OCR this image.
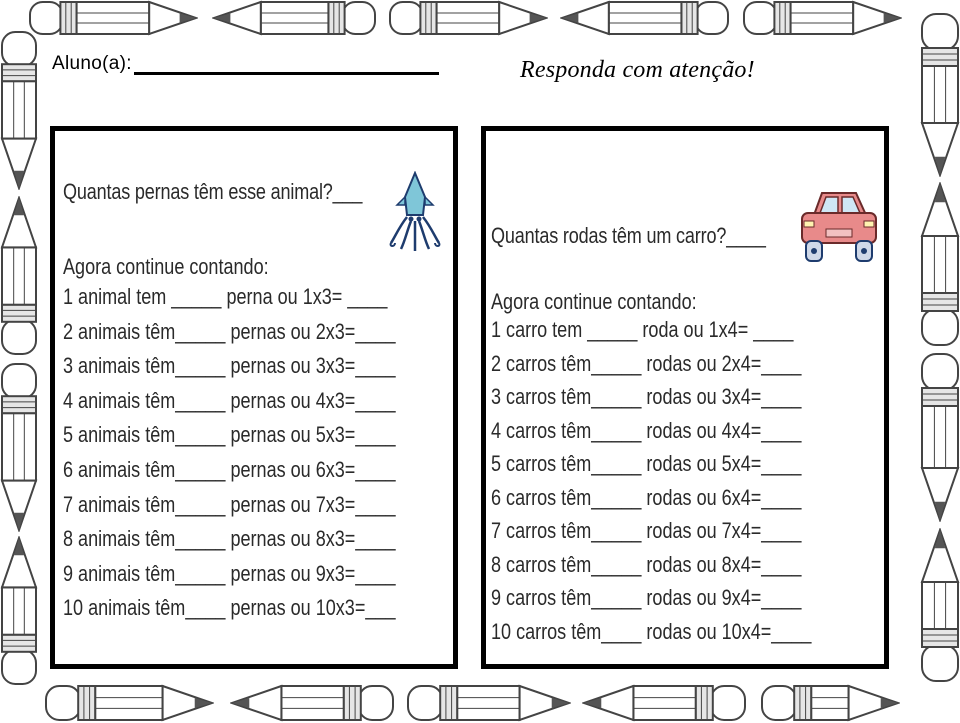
Aluno(a):	Responda com atenção!
Quantas pernas têm esse animal?___
Agora continue contando:
1 animal tem _____ perna ou 1x3= ____
2 animais têm_____ pernas ou 2x3=____
3 animais têm_____ pernas ou 3x3=____
4 animais têm_____ pernas ou 4x3=____
5 animais têm_____ pernas ou 5x3=____
6 animais têm_____ pernas ou 6x3=____
7 animais têm_____ pernas ou 7x3=____
8 animais têm_____ pernas ou 8x3=____
9 animais têm_____ pernas ou 9x3=____
10 animais têm____ pernas ou 10x3=___
Quantas rodas têm um carro?____
Agora continue contando:
1 carro tem _____ roda ou 1x4= ____
2 carros têm_____ rodas ou 2x4=____
3 carros têm_____ rodas ou 3x4=____
4 carros têm_____ rodas ou 4x4=____
5 carros têm_____ rodas ou 5x4=____
6 carros têm_____ rodas ou 6x4=____
7 carros têm_____ rodas ou 7x4=____
8 carros têm_____ rodas ou 8x4=____
9 carros têm_____ rodas ou 9x4=____
10 carros têm____ rodas ou 10x4=____
